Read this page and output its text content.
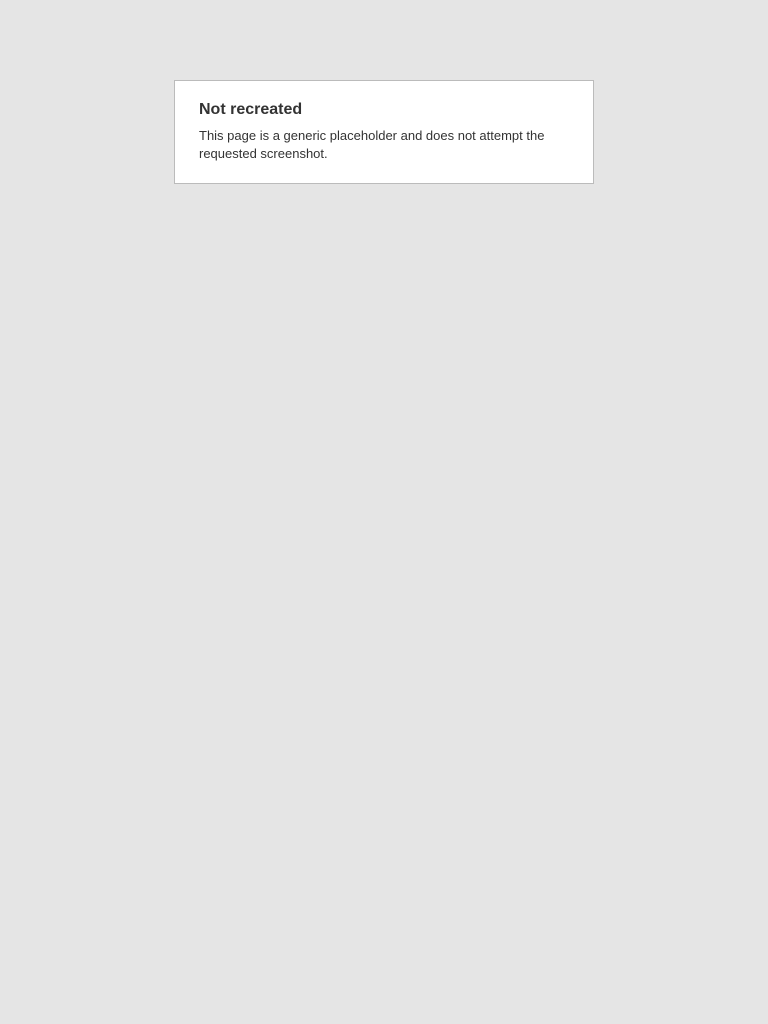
Not recreated

This page is a generic placeholder and does not attempt the requested screenshot.
